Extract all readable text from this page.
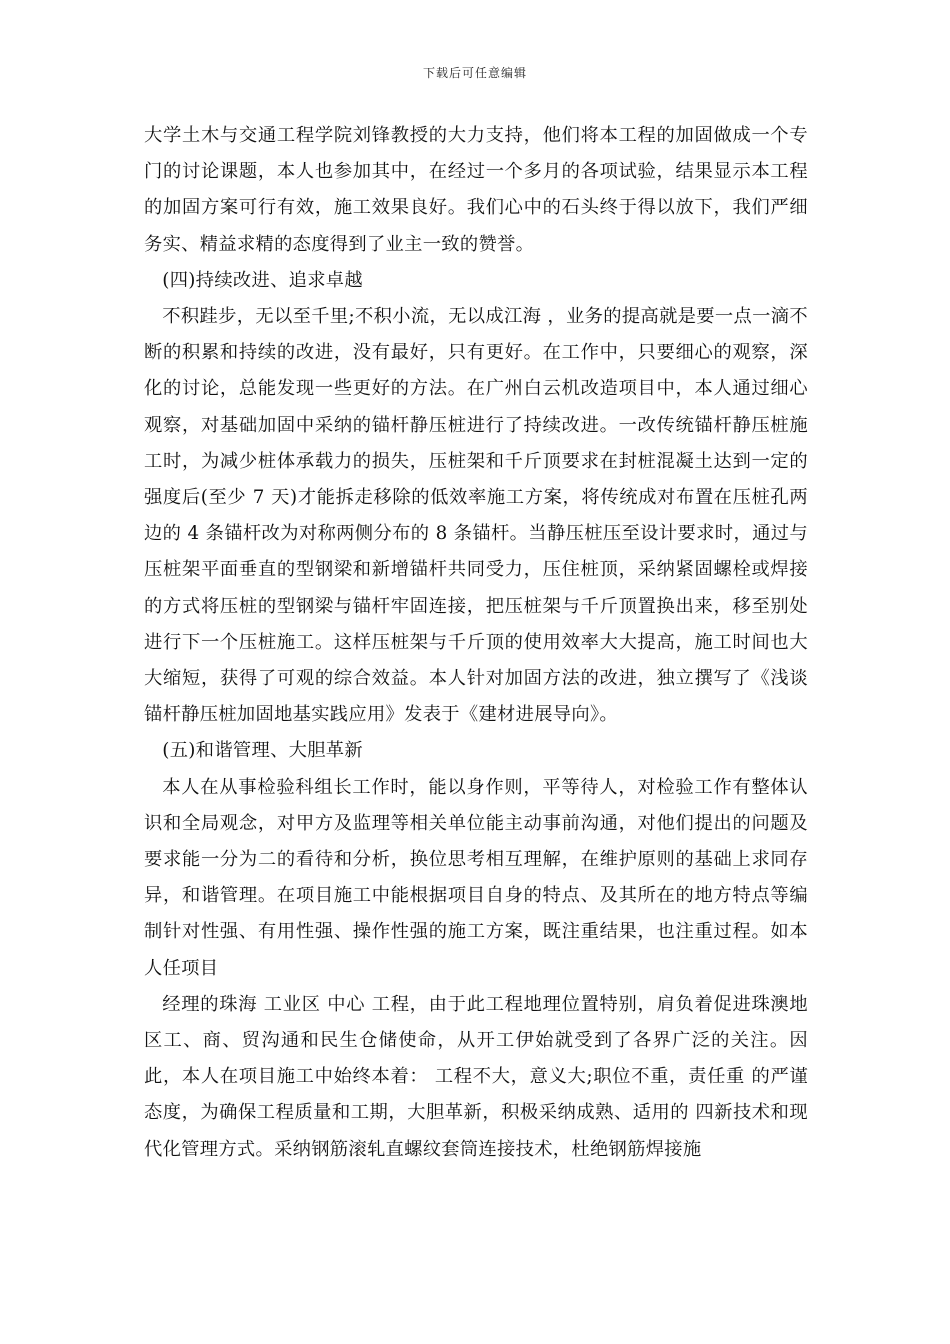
下载后可任意编辑

大学土木与交通工程学院刘锋教授的大力支持，他们将本工程的加固做成一个专门的讨论课题，本人也参加其中，在经过一个多月的各项试验，结果显示本工程的加固方案可行有效，施工效果良好。我们心中的石头终于得以放下，我们严细务实、精益求精的态度得到了业主一致的赞誉。

(四)持续改进、追求卓越

不积跬步，无以至千里;不积小流，无以成江海 ，业务的提高就是要一点一滴不断的积累和持续的改进，没有最好，只有更好。在工作中，只要细心的观察，深化的讨论，总能发现一些更好的方法。在广州白云机改造项目中，本人通过细心观察，对基础加固中采纳的锚杆静压桩进行了持续改进。一改传统锚杆静压桩施工时，为减少桩体承载力的损失，压桩架和千斤顶要求在封桩混凝土达到一定的强度后(至少 7 天)才能拆走移除的低效率施工方案，将传统成对布置在压桩孔两边的 4 条锚杆改为对称两侧分布的 8 条锚杆。当静压桩压至设计要求时，通过与压桩架平面垂直的型钢梁和新增锚杆共同受力，压住桩顶，采纳紧固螺栓或焊接的方式将压桩的型钢梁与锚杆牢固连接，把压桩架与千斤顶置换出来，移至别处进行下一个压桩施工。这样压桩架与千斤顶的使用效率大大提高，施工时间也大大缩短，获得了可观的综合效益。本人针对加固方法的改进，独立撰写了《浅谈锚杆静压桩加固地基实践应用》发表于《建材进展导向》。

(五)和谐管理、大胆革新

本人在从事检验科组长工作时，能以身作则，平等待人，对检验工作有整体认识和全局观念，对甲方及监理等相关单位能主动事前沟通，对他们提出的问题及要求能一分为二的看待和分析，换位思考相互理解，在维护原则的基础上求同存异，和谐管理。在项目施工中能根据项目自身的特点、及其所在的地方特点等编制针对性强、有用性强、操作性强的施工方案，既注重结果，也注重过程。如本人任项目

经理的珠海 工业区 中心 工程，由于此工程地理位置特别，肩负着促进珠澳地区工、商、贸沟通和民生仓储使命，从开工伊始就受到了各界广泛的关注。因此，本人在项目施工中始终本着： 工程不大，意义大;职位不重，责任重 的严谨态度，为确保工程质量和工期，大胆革新，积极采纳成熟、适用的 四新技术和现代化管理方式。采纳钢筋滚轧直螺纹套筒连接技术，杜绝钢筋焊接施
